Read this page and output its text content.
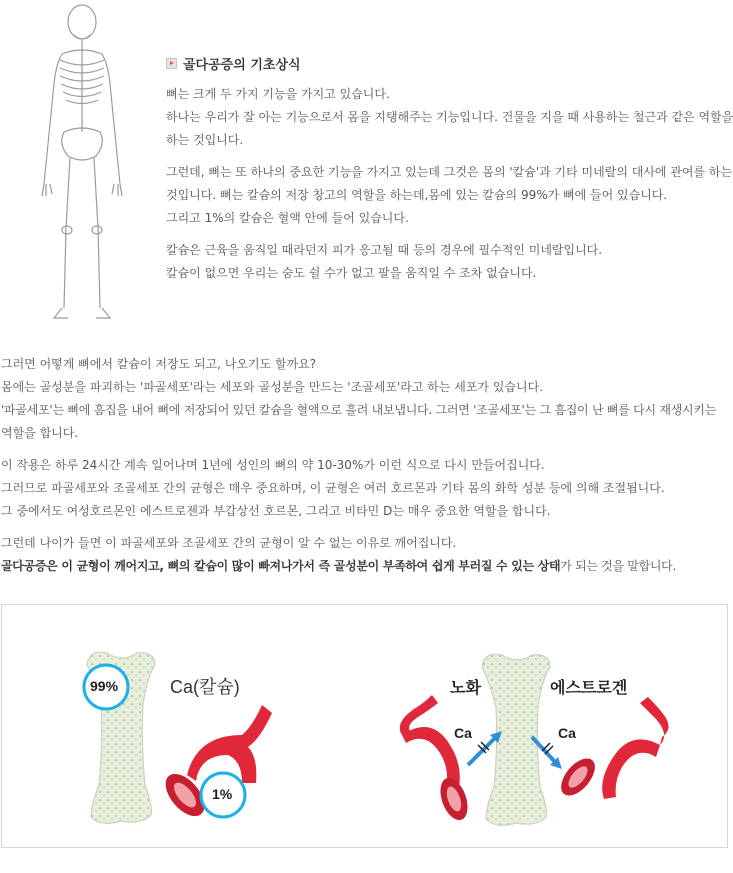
골다공증의 기초상식
뼈는 크게 두 가지 기능을 가지고 있습니다.
하나는 우리가 잘 아는 기능으로서 몸을 지탱해주는 기능입니다. 건물을 지을 때 사용하는 철근과 같은 역할을
하는 것입니다.
그런데, 뼈는 또 하나의 중요한 기능을 가지고 있는데 그것은 몸의 '칼슘'과 기타 미네랄의 대사에 관여를 하는
것입니다. 뼈는 칼슘의 저장 창고의 역할을 하는데,몸에 있는 칼슘의 99%가 뼈에 들어 있습니다.
그리고 1%의 칼슘은 혈액 안에 들어 있습니다.
칼슘은 근육을 움직일 때라던지 피가 응고될 때 등의 경우에 필수적인 미네랄입니다.
칼슘이 없으면 우리는 숨도 쉴 수가 없고 팔을 움직일 수 조차 없습니다.
그러면 어떻게 뼈에서 칼슘이 저장도 되고, 나오기도 할까요?
몸에는 골성분을 파괴하는 '파골세포'라는 세포와 골성분을 만드는 '조골세포'라고 하는 세포가 있습니다.
'파골세포'는 뼈에 흠집을 내어 뼈에 저장되어 있던 칼슘을 혈액으로 흘려 내보냅니다. 그러면 '조골세포'는 그 흠집이 난 뼈를 다시 재생시키는
역할을 합니다.
이 작용은 하루 24시간 계속 일어나며 1년에 성인의 뼈의 약 10-30%가 이런 식으로 다시 만들어집니다.
그러므로 파골세포와 조골세포 간의 균형은 매우 중요하며, 이 균형은 여러 호르몬과 기타 몸의 화학 성분 등에 의해 조절됩니다.
그 중에서도 여성호르몬인 에스트로젠과 부갑상선 호르몬, 그리고 비타민 D는 매우 중요한 역할을 합니다.
그런데 나이가 들면 이 파골세포와 조골세포 간의 균형이 알 수 없는 이유로 깨어집니다.
골다공증은 이 균형이 깨어지고, 뼈의 칼슘이 많이 빠져나가서 즉 골성분이 부족하여 쉽게 부러질 수 있는 상태가 되는 것을 말합니다.
99%	Ca(칼슘)
1%
노화	에스트로겐
Ca	Ca
